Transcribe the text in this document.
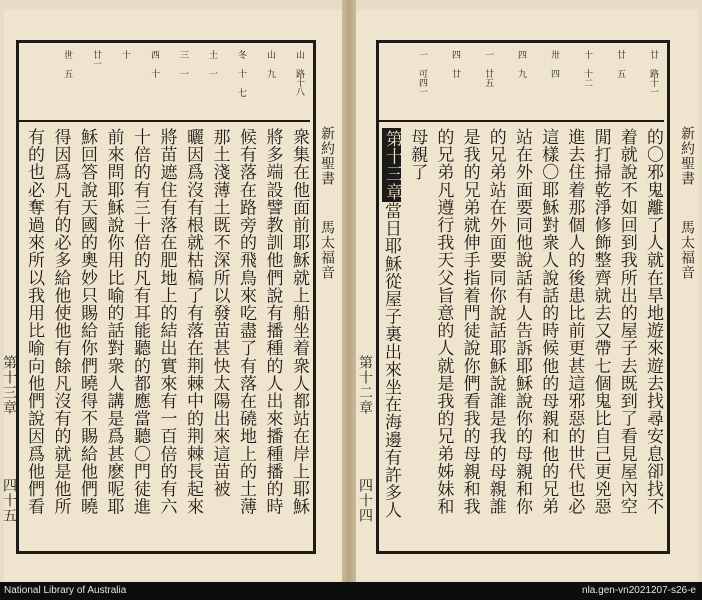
山 路十八
山 九
冬 十 七
土 一
三 一
西 十
十
廿一
世 五
衆集在他面前耶穌就上船坐着衆人都站在岸上耶穌
將多端設譬教訓他們說有播種的人出來播種播的時
候有落在路旁的飛鳥來吃盡了有落在磽地上的土薄
那土淺薄土既不深所以發苗甚快太陽出來這苗被
曬因爲沒有根就枯槁了有落在荆棘中的荆棘長起來
將苗遮住有落在肥地上的結出實來有一百倍的有六
十倍的有三十倍的凡有耳能聽的都應當聽〇門徒進
前來問耶穌說你用比喻的話對衆人講是爲甚麽呢耶
穌回答說天國的奧妙只賜給你們曉得不賜給他們曉
得因爲凡有的必多給他使他有餘凡沒有的就是他所
有的也必奪過來所以我用比喻向他們說因爲他們看	新約聖書
馬太福音
第十三章
四十五
廿 路十一
廿 五
十 十二
卅 四
四 九
一 廿五
四 廿
一 可四一
的〇邪鬼離了人就在旱地遊來遊去找尋安息卻找不
着就說不如回到我所出的屋子去既到了看見屋內空
閒打掃乾淨修飾整齊就去又帶七個鬼比自己更兇惡
進去住着那個人的後患比前更甚這邪惡的世代也必
這樣〇耶穌對衆人說話的時候他的母親和他的兄弟
站在外面要同他說話有人告訴耶穌說你的母親和你
的兄弟站在外面要同你說話耶穌說誰是我的母親誰
是我的兄弟就伸手指着門徒說你們看我的母親和我
的兄弟凡遵行我天父旨意的人就是我的兄弟姊妹和
母親了
第十三章
當日耶穌從屋子裏出來坐在海邊有許多人
新約聖書
馬太福音
第十二章
四十四
National Library of Australia	nla.gen-vn2021207-s26-e
